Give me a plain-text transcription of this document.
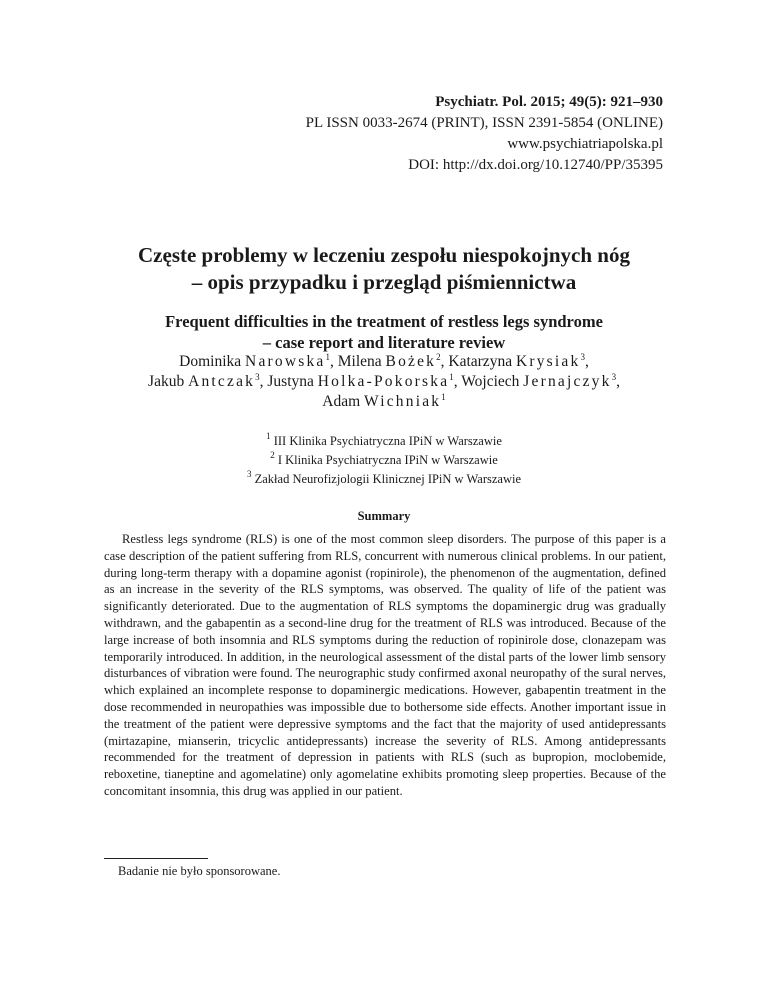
Psychiatr. Pol. 2015; 49(5): 921–930
PL ISSN 0033-2674 (PRINT), ISSN 2391-5854 (ONLINE)
www.psychiatriapolska.pl
DOI: http://dx.doi.org/10.12740/PP/35395
Częste problemy w leczeniu zespołu niespokojnych nóg
– opis przypadku i przegląd piśmiennictwa
Frequent difficulties in the treatment of restless legs syndrome
– case report and literature review
Dominika Narowska$^1$, Milena Bożek$^2$, Katarzyna Krysiak$^3$,
Jakub Antczak$^3$, Justyna Holka-Pokorska$^1$, Wojciech Jernajczyk$^3$,
Adam Wichniak$^1$
$^1$ III Klinika Psychiatryczna IPiN w Warszawie
$^2$ I Klinika Psychiatryczna IPiN w Warszawie
$^3$ Zakład Neurofizjologii Klinicznej IPiN w Warszawie
Summary

Restless legs syndrome (RLS) is one of the most common sleep disorders. The purpose of this paper is a case description of the patient suffering from RLS, concurrent with numerous clinical problems. In our patient, during long-term therapy with a dopamine agonist (ropinirole), the phenomenon of the augmentation, defined as an increase in the severity of the RLS symptoms, was observed. The quality of life of the patient was significantly deteriorated. Due to the augmentation of RLS symptoms the dopaminergic drug was gradually withdrawn, and the gabapentin as a second-line drug for the treatment of RLS was introduced. Because of the large increase of both insomnia and RLS symptoms during the reduction of ropinirole dose, clonazepam was temporarily introduced. In addition, in the neurological assessment of the distal parts of the lower limb sensory disturbances of vibration were found. The neurographic study confirmed axonal neuropathy of the sural nerves, which explained an incomplete response to dopaminergic medications. However, gabapentin treatment in the dose recommended in neuropathies was impossible due to bothersome side effects. Another important issue in the treatment of the patient were depressive symptoms and the fact that the majority of used antidepressants (mirtazapine, mianserin, tricyclic antidepressants) increase the severity of RLS. Among antidepressants recommended for the treatment of depression in patients with RLS (such as bupropion, moclobemide, reboxetine, tianeptine and agomelatine) only agomelatine exhibits promoting sleep properties. Because of the concomitant insomnia, this drug was applied in our patient.

Badanie nie było sponsorowane.
